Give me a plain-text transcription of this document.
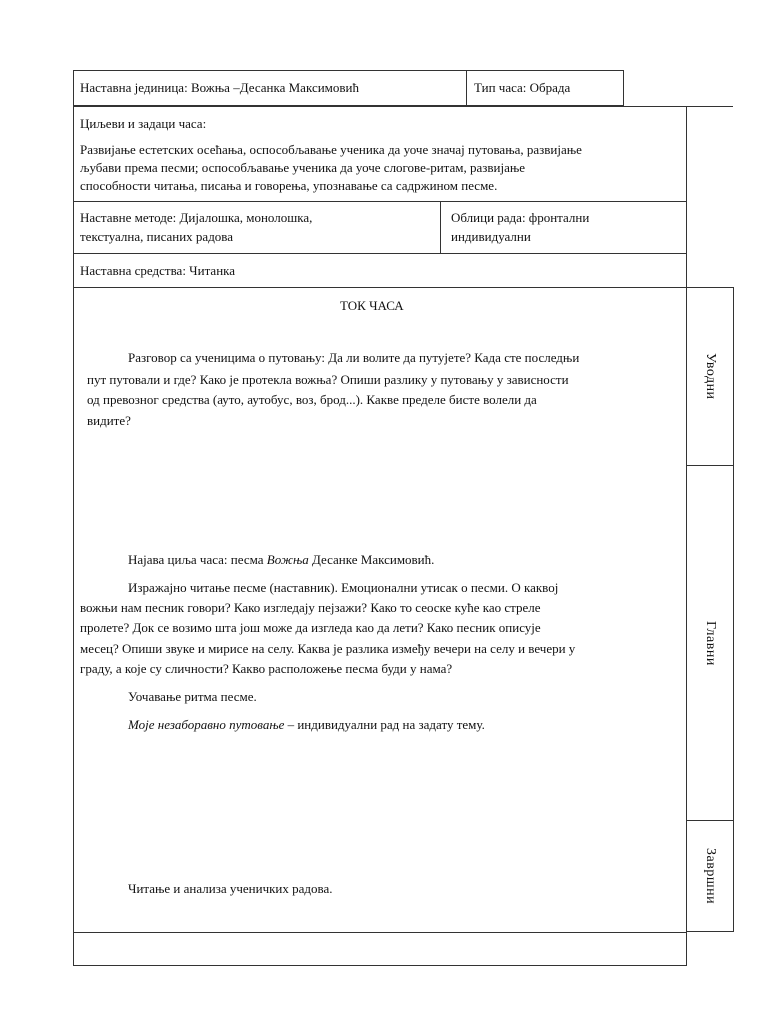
Наставна јединица: Вожња –Десанка Максимовић	Тип часа: Обрада
Циљеви и задаци часа:
Развијање естетских осећања, оспособљавање ученика да уоче значај путовања, развијање
љубави према песми; оспособљавање ученика да уоче слогове-ритам, развијање
способности читања, писања и говорења, упознавање са садржином песме.
Наставне методе: Дијалошка, монолошка,
текстуална, писаних радова
Облици рада: фронтални
индивидуални
Наставна средства: Читанка
Уводни
Главни
Завршни
ТОК ЧАСА
Разговор са ученицима о путовању: Да ли волите да путујете? Када сте последњи
пут путовали и где? Како је протекла вожња? Опиши разлику у путовању у зависности
од превозног средства (ауто, аутобус, воз, брод...). Какве пределе бисте волели да
видите?
Најава циља часа: песма Вожња Десанке Максимовић.
Изражајно читање песме (наставник). Емоционални утисак о песми. О каквој
вожњи нам песник говори? Како изгледају пејзажи? Како то сеоске куће као стреле
пролете? Док се возимо шта још може да изгледа као да лети? Како песник описује
месец? Опиши звуке и мирисе на селу. Каква је разлика између вечери на селу и вечери у
граду, а које су сличности? Какво расположење песма буди у нама?
Уочавање ритма песме.
Моје незаборавно путовање – индивидуални рад на задату тему.
Читање и анализа ученичких радова.
